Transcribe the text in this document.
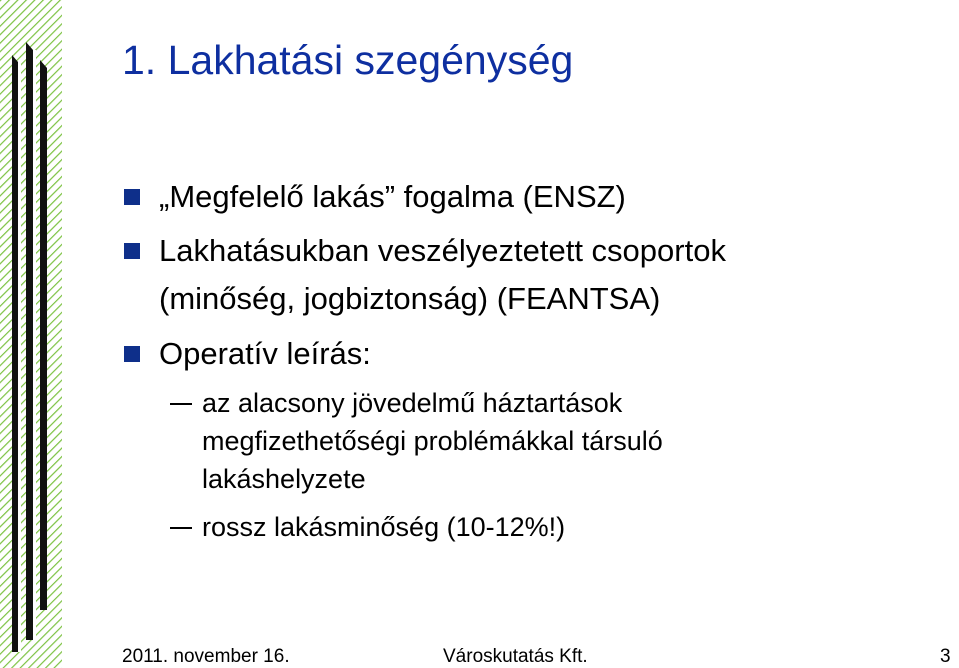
1. Lakhatási szegénység
„Megfelelő lakás” fogalma (ENSZ)
Lakhatásukban veszélyeztetett csoportok
(minőség, jogbiztonság) (FEANTSA)
Operatív leírás:
az alacsony jövedelmű háztartások
megfizethetőségi problémákkal társuló
lakáshelyzete
rossz lakásminőség (10-12%!)
2011. november 16.	Városkutatás Kft.	3
